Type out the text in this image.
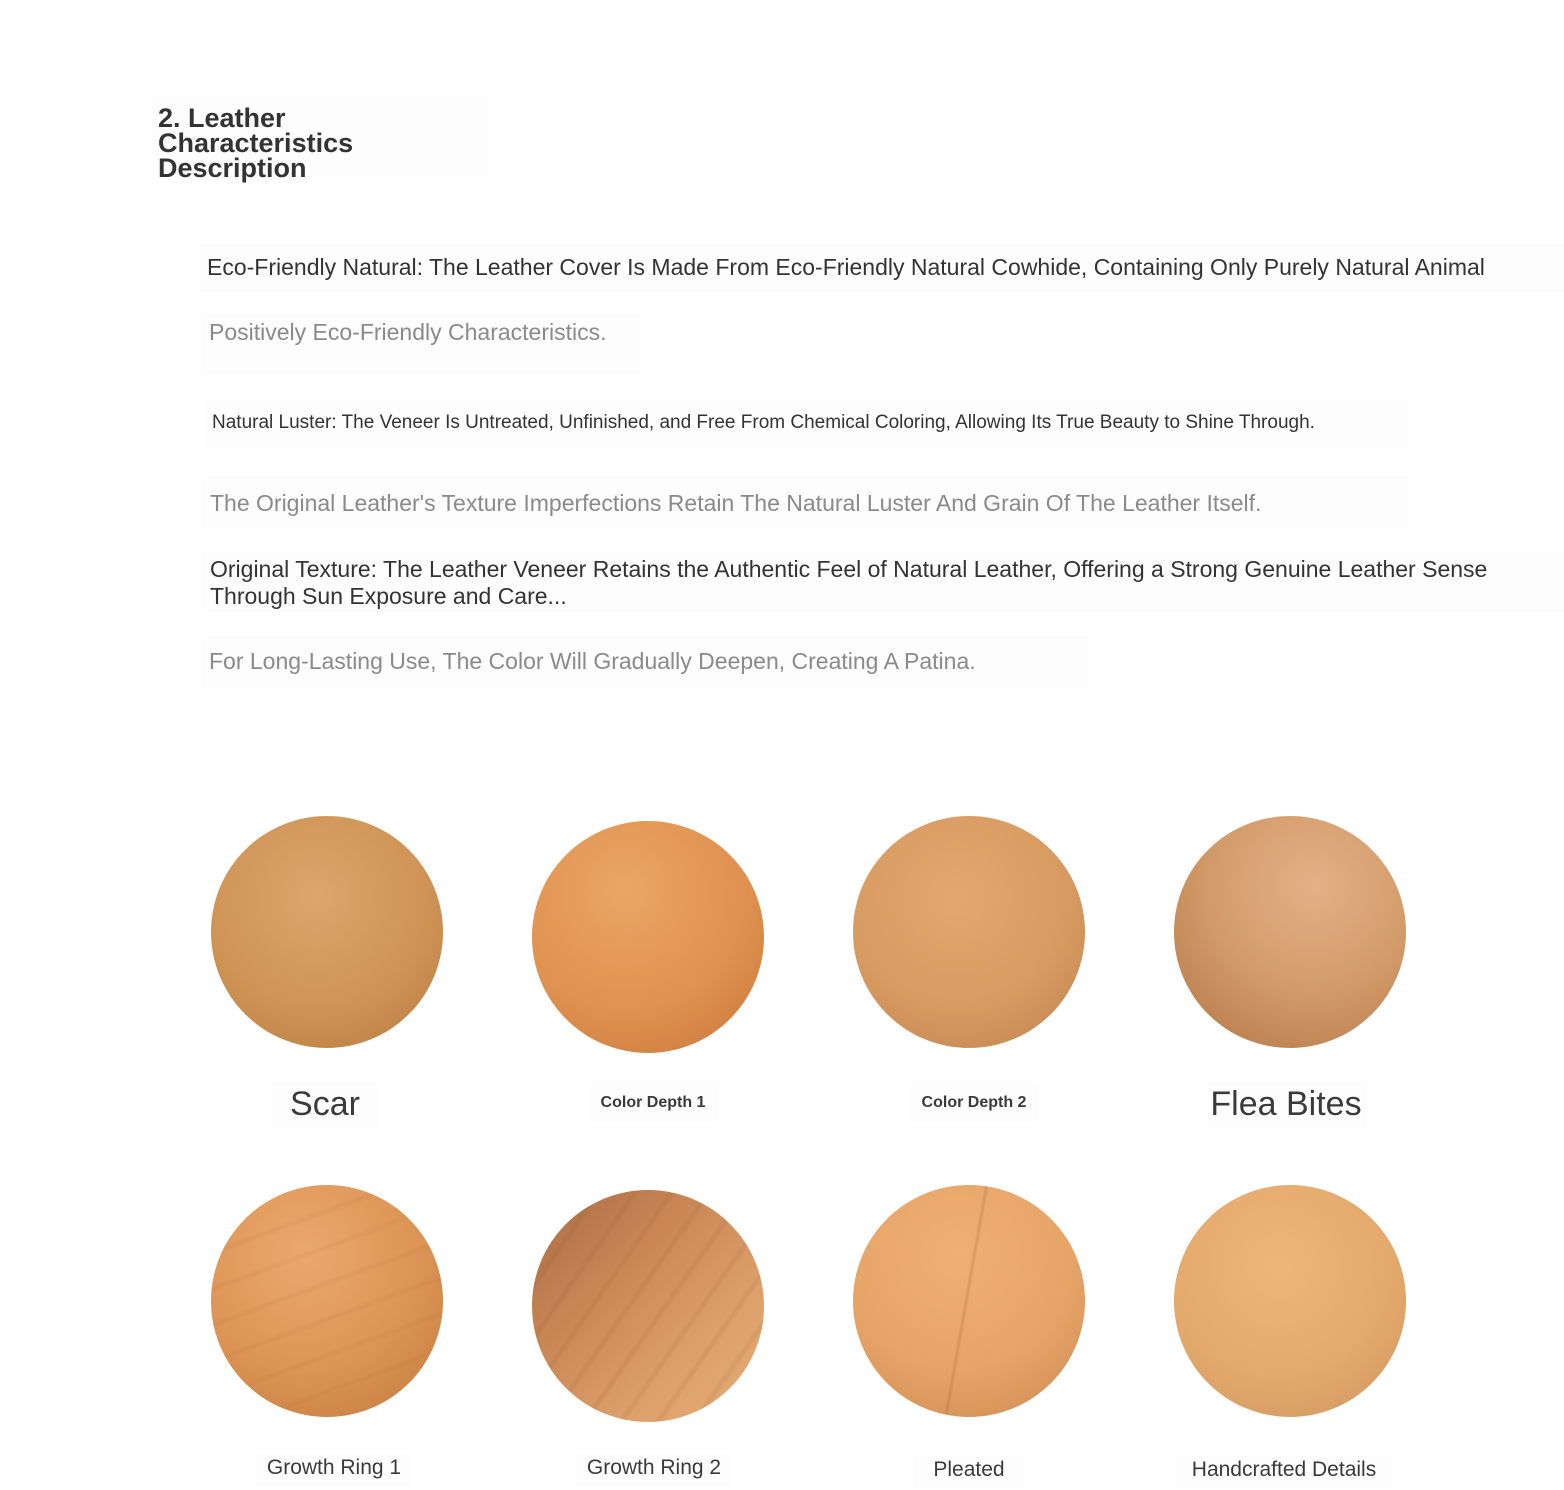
2. Leather Characteristics Description
Eco-Friendly Natural: The Leather Cover Is Made From Eco-Friendly Natural Cowhide, Containing Only Purely Natural Animal
Positively Eco-Friendly Characteristics.
Natural Luster: The Veneer Is Untreated, Unfinished, and Free From Chemical Coloring, Allowing Its True Beauty to Shine Through.
The Original Leather's Texture Imperfections Retain The Natural Luster And Grain Of The Leather Itself.
Original Texture: The Leather Veneer Retains the Authentic Feel of Natural Leather, Offering a Strong Genuine Leather Sense
Through Sun Exposure and Care...
For Long-Lasting Use, The Color Will Gradually Deepen, Creating A Patina.
Scar	Color Depth 1	Color Depth 2	Flea Bites
Growth Ring 1	Growth Ring 2	Pleated	Handcrafted Details
